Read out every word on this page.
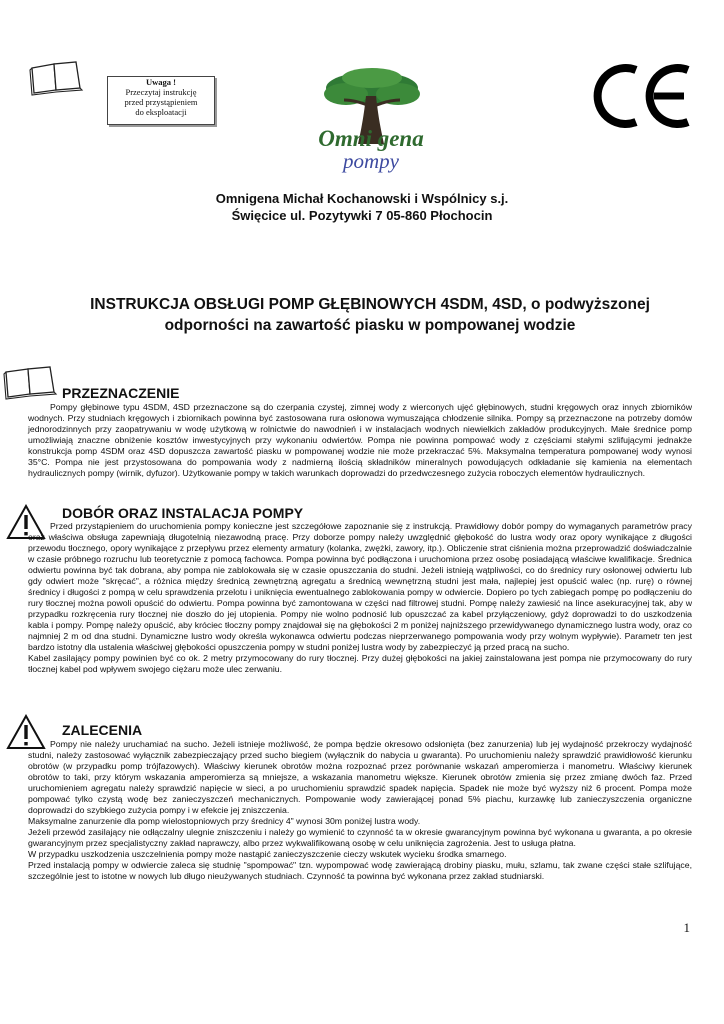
Uwaga !
Przeczytaj instrukcję
przed przystąpieniem
do eksploatacji
Omni gena
pompy
Omnigena Michał Kochanowski i Wspólnicy s.j.
Święcice ul. Pozytywki 7 05-860 Płochocin
INSTRUKCJA OBSŁUGI POMP GŁĘBINOWYCH 4SDM, 4SD, o podwyższonej
odporności na zawartość piasku w pompowanej wodzie
PRZEZNACZENIE

Pompy głębinowe typu 4SDM, 4SD przeznaczone są do czerpania czystej, zimnej wody z wierconych ujęć głębinowych, studni kręgowych oraz innych zbiorników wodnych. Przy studniach kręgowych i zbiornikach powinna być zastosowana rura osłonowa wymuszająca chłodzenie silnika. Pompy są przeznaczone na potrzeby domów jednorodzinnych przy zaopatrywaniu w wodę użytkową w rolnictwie do nawodnień i w instalacjach wodnych niewielkich zakładów produkcyjnych. Małe średnice pomp umożliwiają znaczne obniżenie kosztów inwestycyjnych przy wykonaniu odwiertów. Pompa nie powinna pompować wody z częściami stałymi szlifującymi jednakże konstrukcja pomp 4SDM oraz 4SD dopuszcza zawartość piasku w pompowanej wodzie nie może przekraczać 5%. Maksymalna temperatura pompowanej wody wynosi 35°C. Pompa nie jest przystosowana do pompowania wody z nadmierną ilością składników mineralnych powodujących odkładanie się kamienia na elementach hydraulicznych pompy (wirnik, dyfuzor). Użytkowanie pompy w takich warunkach doprowadzi do przedwczesnego zużycia roboczych elementów hydraulicznych.

DOBÓR ORAZ INSTALACJA POMPY

Przed przystąpieniem do uruchomienia pompy konieczne jest szczegółowe zapoznanie się z instrukcją. Prawidłowy dobór pompy do wymaganych parametrów pracy oraz właściwa obsługa zapewniają długotelnią niezawodną pracę. Przy doborze pompy należy uwzględnić głębokość do lustra wody oraz opory wynikające z długości przewodu tłocznego, opory wynikające z przepływu przez elementy armatury (kolanka, zwężki, zawory, itp.). Obliczenie strat ciśnienia można przeprowadzić doświadczalnie w czasie próbnego rozruchu lub teoretycznie z pomocą fachowca. Pompa powinna być podłączona i uruchomiona przez osobę posiadającą właściwe kwalifikacje. Średnica odwiertu powinna być tak dobrana, aby pompa nie zablokowała się w czasie opuszczania do studni. Jeżeli istnieją wątpliwości, co do średnicy rury osłonowej odwiertu lub gdy odwiert może "skręcać", a różnica między średnicą zewnętrzną agregatu a średnicą wewnętrzną studni jest mała, najlepiej jest opuścić walec (np. rurę) o równej średnicy i długości z pompą w celu sprawdzenia przelotu i uniknięcia ewentualnego zablokowania pompy w odwiercie. Dopiero po tych zabiegach pompę po podłączeniu do rury tłocznej można powoli opuścić do odwiertu. Pompa powinna być zamontowana w części nad filtrowej studni. Pompę należy zawiesić na lince asekuracyjnej tak, aby w przypadku rozkręcenia rury tłocznej nie doszło do jej utopienia. Pompy nie wolno podnosić lub opuszczać za kabel przyłączeniowy, gdyż doprowadzi to do uszkodzenia kabla i pompy. Pompę należy opuścić, aby króciec tłoczny pompy znajdował się na głębokości 2 m poniżej najniższego przewidywanego dynamicznego lustra wody, oraz co najmniej 2 m od dna studni. Dynamiczne lustro wody określa wykonawca odwiertu podczas nieprzerwanego pompowania wody przy wolnym wypływie). Parametr ten jest bardzo istotny dla ustalenia właściwej głębokości opuszczenia pompy w studni poniżej lustra wody by zabezpieczyć ją przed pracą na sucho.

Kabel zasilający pompy powinien być co ok. 2 metry przymocowany do rury tłocznej. Przy dużej głębokości na jakiej zainstalowana jest pompa nie przymocowany do rury tłocznej kabel pod wpływem swojego ciężaru może ulec zerwaniu.

ZALECENIA

Pompy nie należy uruchamiać na sucho. Jeżeli istnieje możliwość, że pompa będzie okresowo odsłonięta (bez zanurzenia) lub jej wydajność przekroczy wydajność studni, należy zastosować wyłącznik zabezpieczający przed sucho biegiem (wyłącznik do nabycia u gwaranta). Po uruchomieniu należy sprawdzić prawidłowość kierunku obrotów (w przypadku pomp trójfazowych). Właściwy kierunek obrotów można rozpoznać przez porównanie wskazań amperomierza i manometru. Właściwy kierunek obrotów to taki, przy którym wskazania amperomierza są mniejsze, a wskazania manometru większe. Kierunek obrotów zmienia się przez zmianę dwóch faz. Przed uruchomieniem agregatu należy sprawdzić napięcie w sieci, a po uruchomieniu sprawdzić spadek napięcia. Spadek nie może być wyższy niż 6 procent. Pompa może pompować tylko czystą wodę bez zanieczyszczeń mechanicznych. Pompowanie wody zawierającej ponad 5% piachu, kurzawkę lub zanieczyszczenia organiczne doprowadzi do szybkiego zużycia pompy i w efekcie jej zniszczenia.

Maksymalne zanurzenie dla pomp wielostopniowych przy średnicy 4" wynosi 30m poniżej lustra wody.

Jeżeli przewód zasilający nie odłączalny ulegnie zniszczeniu i należy go wymienić to czynność ta w okresie gwarancyjnym powinna być wykonana u gwaranta, a po okresie gwarancyjnym przez specjalistyczny zakład naprawczy, albo przez wykwalifikowaną osobę w celu uniknięcia zagrożenia. Jest to usługa płatna.

W przypadku uszkodzenia uszczelnienia pompy może nastąpić zanieczyszczenie cieczy wskutek wycieku środka smarnego.

Przed instalacją pompy w odwiercie zaleca się studnię "spompować" tzn. wypompować wodę zawierającą drobiny piasku, mułu, szlamu, tak zwane części stałe szlifujące, szczególnie jest to istotne w nowych lub długo nieużywanych studniach. Czynność ta powinna być wykonana przez zakład studniarski.

1
